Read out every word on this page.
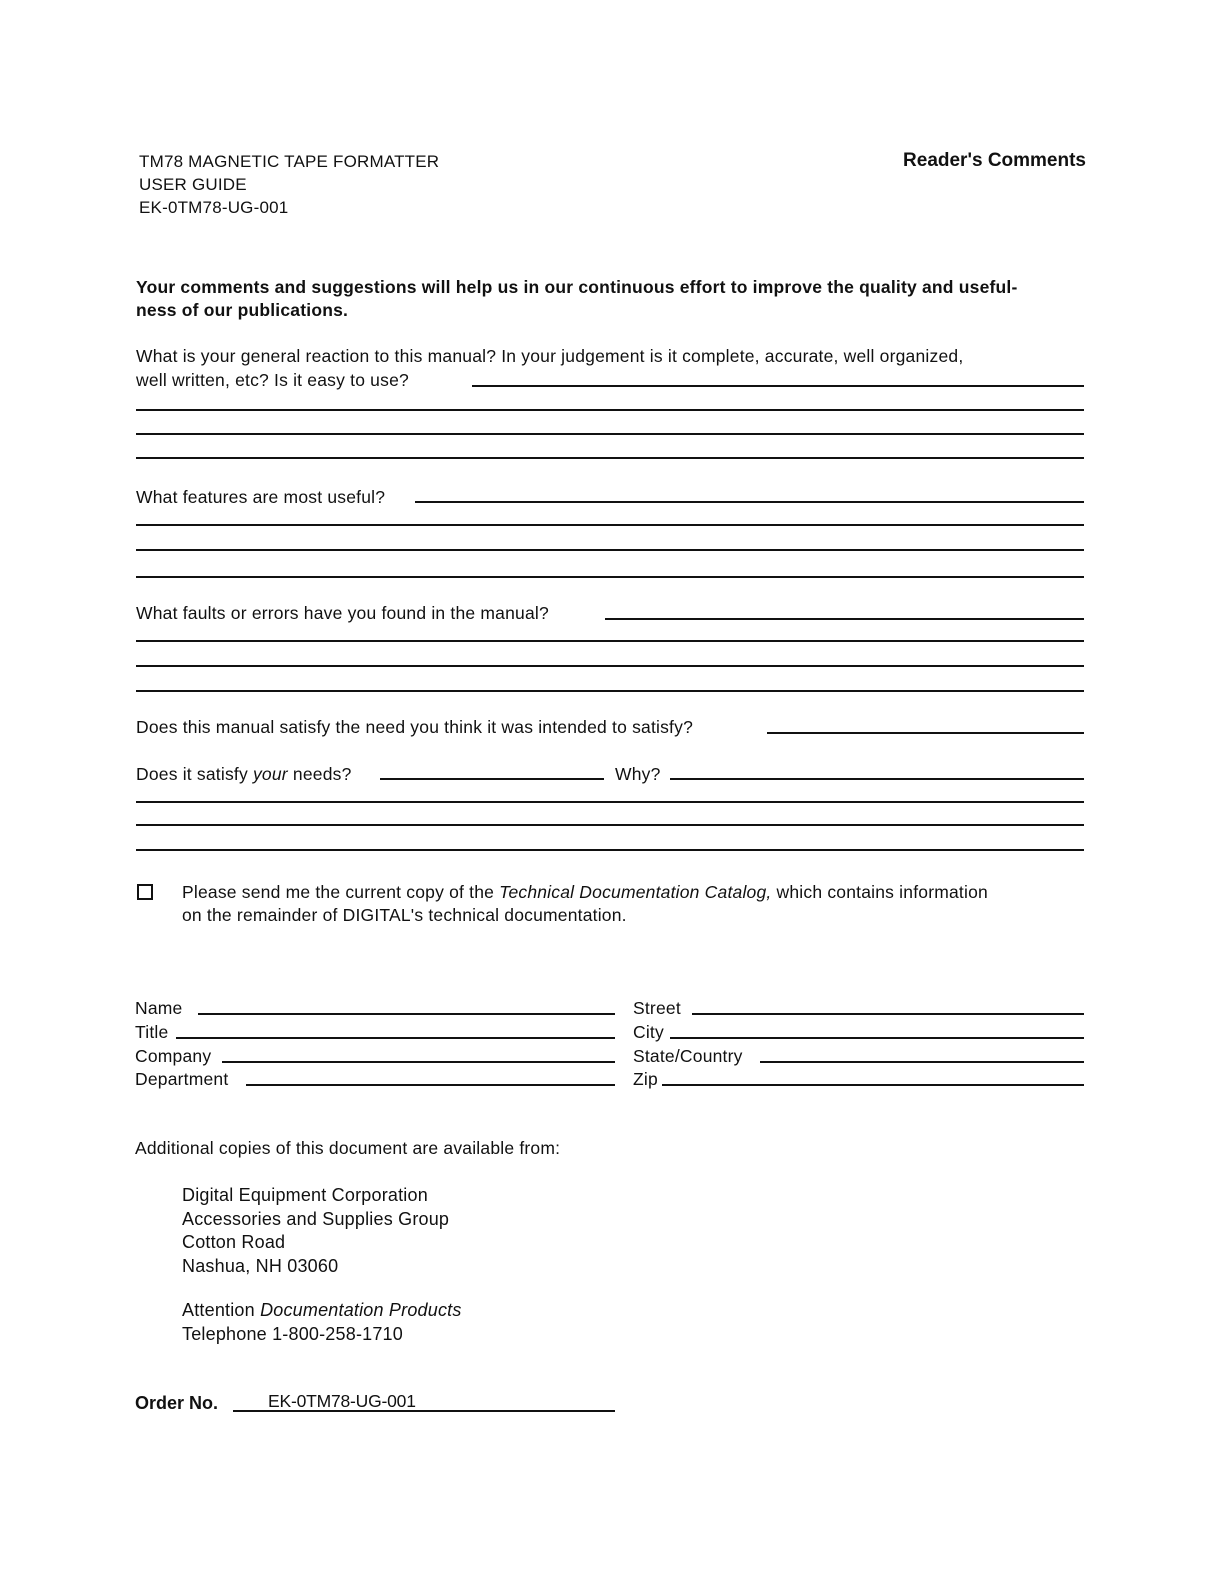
TM78 MAGNETIC TAPE FORMATTER
USER GUIDE
EK-0TM78-UG-001
Reader's Comments
Your comments and suggestions will help us in our continuous effort to improve the quality and useful-
ness of our publications.
What is your general reaction to this manual? In your judgement is it complete, accurate, well organized,
well written, etc? Is it easy to use?
What features are most useful?
What faults or errors have you found in the manual?
Does this manual satisfy the need you think it was intended to satisfy?
Does it satisfy your needs?	Why?
Please send me the current copy of the Technical Documentation Catalog, which contains information
on the remainder of DIGITAL's technical documentation.
Name
Title
Company
Department
Street
City
State/Country
Zip
Additional copies of this document are available from:
Digital Equipment Corporation
Accessories and Supplies Group
Cotton Road
Nashua, NH 03060
Attention Documentation Products
Telephone 1-800-258-1710
Order No.	EK-0TM78-UG-001
